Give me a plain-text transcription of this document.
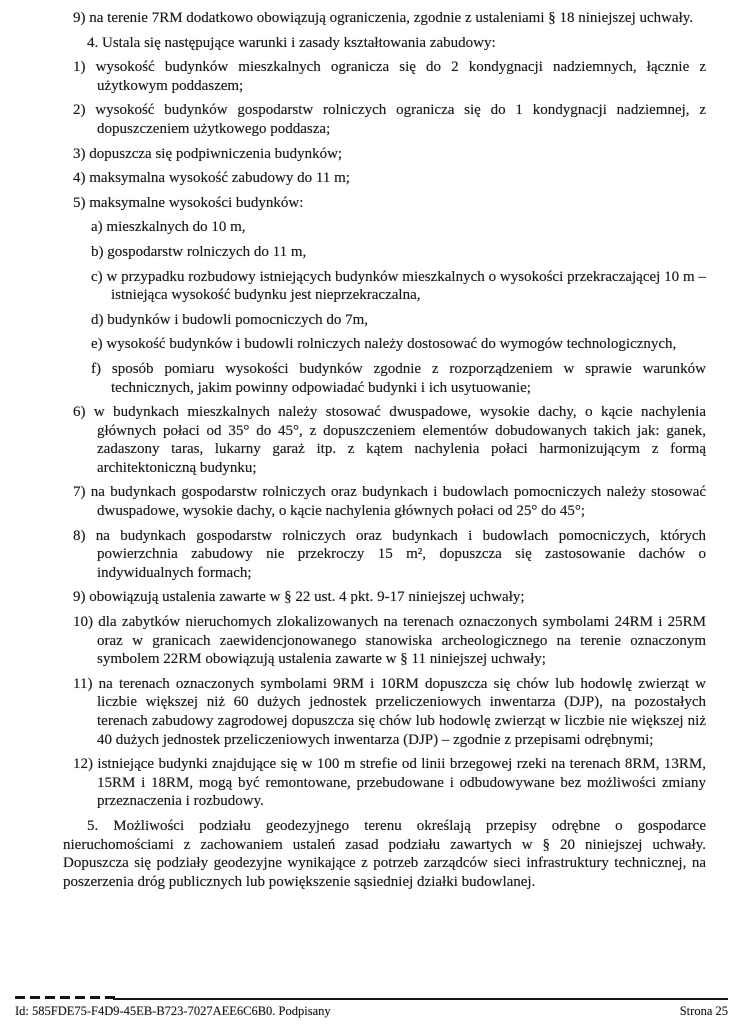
9) na terenie 7RM dodatkowo obowiązują ograniczenia, zgodnie z ustaleniami § 18 niniejszej uchwały.
4. Ustala się następujące warunki i zasady kształtowania zabudowy:
1) wysokość budynków mieszkalnych ogranicza się do 2 kondygnacji nadziemnych, łącznie z użytkowym poddaszem;
2) wysokość budynków gospodarstw rolniczych ogranicza się do 1 kondygnacji nadziemnej, z dopuszczeniem użytkowego poddasza;
3) dopuszcza się podpiwniczenia budynków;
4) maksymalna wysokość zabudowy do 11 m;
5) maksymalne wysokości budynków:
a) mieszkalnych do 10 m,
b) gospodarstw rolniczych do 11 m,
c) w przypadku rozbudowy istniejących budynków mieszkalnych o wysokości przekraczającej 10 m – istniejąca wysokość budynku jest nieprzekraczalna,
d) budynków i budowli pomocniczych do 7m,
e) wysokość budynków i budowli rolniczych należy dostosować do wymogów technologicznych,
f) sposób pomiaru wysokości budynków zgodnie z rozporządzeniem w sprawie warunków technicznych, jakim powinny odpowiadać budynki i ich usytuowanie;
6) w budynkach mieszkalnych należy stosować dwuspadowe, wysokie dachy, o kącie nachylenia głównych połaci od 35° do 45°, z dopuszczeniem elementów dobudowanych takich jak: ganek, zadaszony taras, lukarny garaż itp. z kątem nachylenia połaci harmonizującym z formą architektoniczną budynku;
7) na budynkach gospodarstw rolniczych oraz budynkach i budowlach pomocniczych należy stosować dwuspadowe, wysokie dachy, o kącie nachylenia głównych połaci od 25° do 45°;
8) na budynkach gospodarstw rolniczych oraz budynkach i budowlach pomocniczych, których powierzchnia zabudowy nie przekroczy 15 m², dopuszcza się zastosowanie dachów o indywidualnych formach;
9) obowiązują ustalenia zawarte w § 22 ust. 4 pkt. 9-17 niniejszej uchwały;
10) dla zabytków nieruchomych zlokalizowanych na terenach oznaczonych symbolami 24RM i 25RM oraz w granicach zaewidencjonowanego stanowiska archeologicznego na terenie oznaczonym symbolem 22RM obowiązują ustalenia zawarte w § 11 niniejszej uchwały;
11) na terenach oznaczonych symbolami 9RM i 10RM dopuszcza się chów lub hodowlę zwierząt w liczbie większej niż 60 dużych jednostek przeliczeniowych inwentarza (DJP), na pozostałych terenach zabudowy zagrodowej dopuszcza się chów lub hodowlę zwierząt w liczbie nie większej niż 40 dużych jednostek przeliczeniowych inwentarza (DJP) – zgodnie z przepisami odrębnymi;
12) istniejące budynki znajdujące się w 100 m strefie od linii brzegowej rzeki na terenach 8RM, 13RM, 15RM i 18RM, mogą być remontowane, przebudowane i odbudowywane bez możliwości zmiany przeznaczenia i rozbudowy.
5. Możliwości podziału geodezyjnego terenu określają przepisy odrębne o gospodarce nieruchomościami z zachowaniem ustaleń zasad podziału zawartych w § 20 niniejszej uchwały. Dopuszcza się podziały geodezyjne wynikające z potrzeb zarządców sieci infrastruktury technicznej, na poszerzenia dróg publicznych lub powiększenie sąsiedniej działki budowlanej.
Id: 585FDE75-F4D9-45EB-B723-7027AEE6C6B0. Podpisany	Strona 25
